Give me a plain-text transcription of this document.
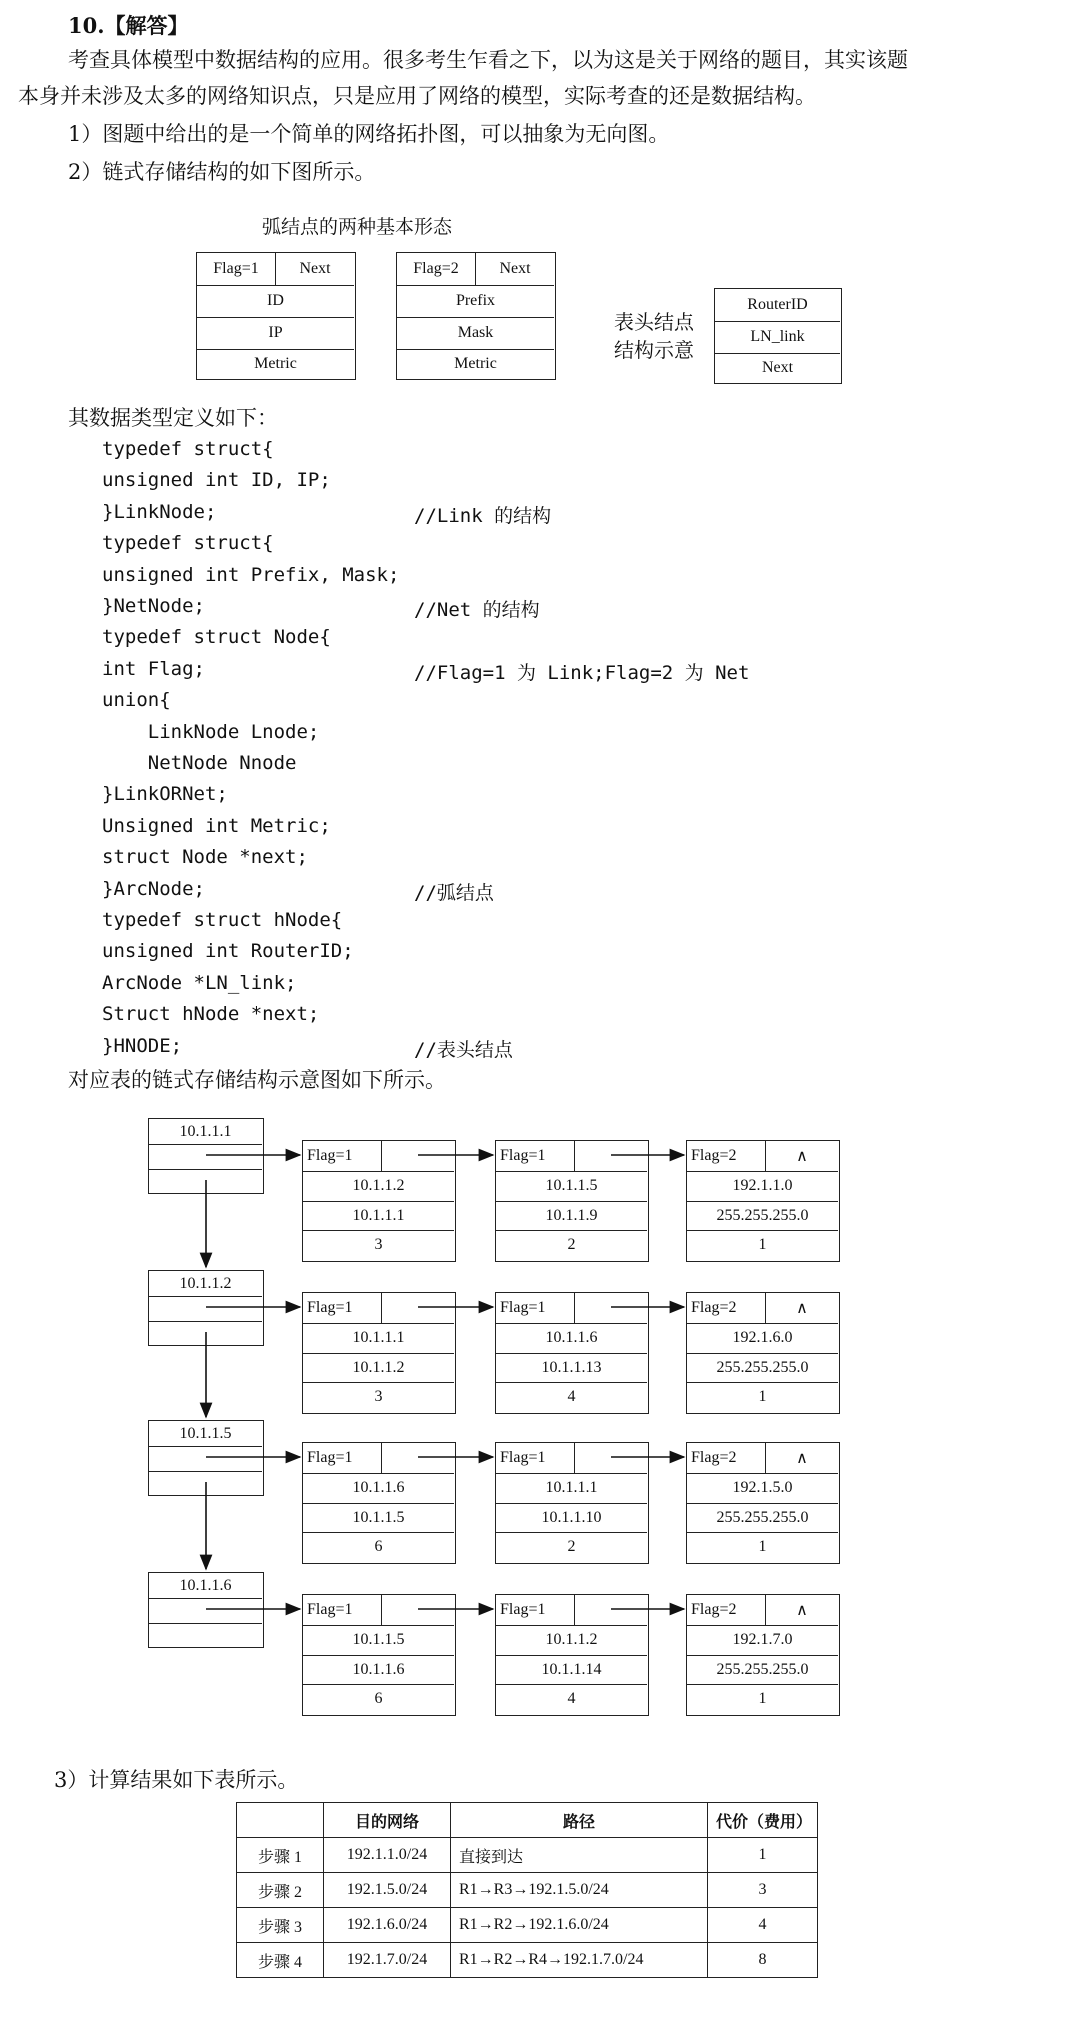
10.【解答】
考查具体模型中数据结构的应用。很多考生乍看之下，以为这是关于网络的题目，其实该题
本身并未涉及太多的网络知识点，只是应用了网络的模型，实际考查的还是数据结构。
1）图题中给出的是一个简单的网络拓扑图，可以抽象为无向图。
2）链式存储结构的如下图所示。
弧结点的两种基本形态
Flag=1	Next
ID
IP
Metric
Flag=2	Next
Prefix
Mask
Metric
表头结点
结构示意
RouterID
LN_link
Next
其数据类型定义如下：
typedef struct{
unsigned int ID, IP;
}LinkNode;	//Link 的结构
typedef struct{
unsigned int Prefix, Mask;
}NetNode;	//Net 的结构
typedef struct Node{
int Flag;	//Flag=1 为 Link;Flag=2 为 Net
union{
LinkNode Lnode;
NetNode Nnode
}LinkORNet;
Unsigned int Metric;
struct Node *next;
}ArcNode;	//弧结点
typedef struct hNode{
unsigned int RouterID;
ArcNode *LN_link;
Struct hNode *next;
}HNODE;	//表头结点
对应表的链式存储结构示意图如下所示。
10.1.1.1
Flag=1
10.1.1.2
10.1.1.1
3
Flag=1
10.1.1.5
10.1.1.9
2
Flag=2	∧
192.1.1.0
255.255.255.0
1
10.1.1.2
Flag=1
10.1.1.1
10.1.1.2
3
Flag=1
10.1.1.6
10.1.1.13
4
Flag=2	∧
192.1.6.0
255.255.255.0
1
10.1.1.5
Flag=1
10.1.1.6
10.1.1.5
6
Flag=1
10.1.1.1
10.1.1.10
2
Flag=2	∧
192.1.5.0
255.255.255.0
1
10.1.1.6
Flag=1
10.1.1.5
10.1.1.6
6
Flag=1
10.1.1.2
10.1.1.14
4
Flag=2	∧
192.1.7.0
255.255.255.0
1
3）计算结果如下表所示。
	目的网络	路径	代价（费用）
步骤 1	192.1.1.0/24	直接到达	1
步骤 2	192.1.5.0/24	R1→R3→192.1.5.0/24	3
步骤 3	192.1.6.0/24	R1→R2→192.1.6.0/24	4
步骤 4	192.1.7.0/24	R1→R2→R4→192.1.7.0/24	8
